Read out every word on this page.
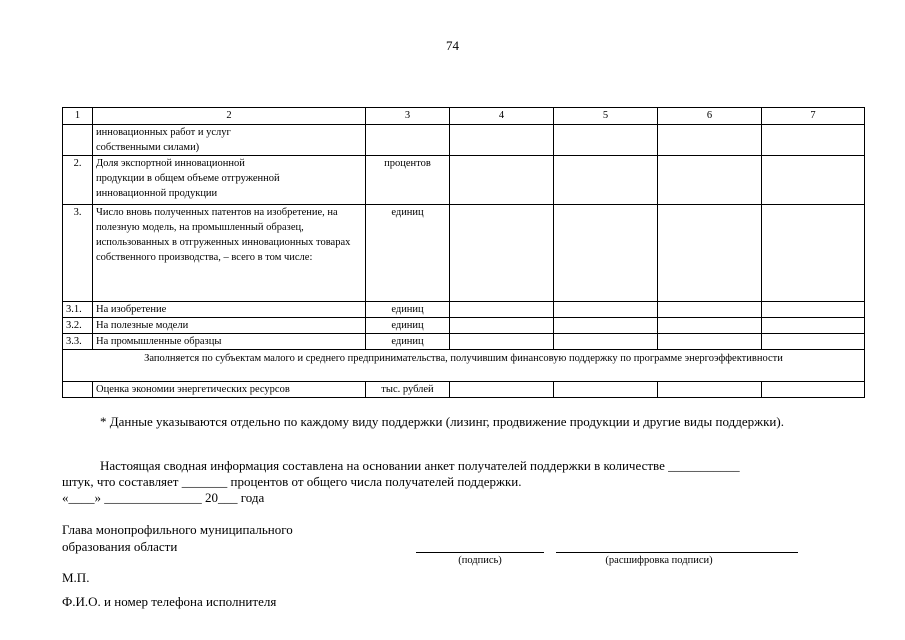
74
1	2	3	4	5	6	7
	инновационных работ и услуг собственными силами)					
2.	Доля экспортной инновационной продукции в общем объеме отгруженной инновационной продукции	процентов				
3.	Число вновь полученных патентов на изобретение, на полезную модель, на промышленный образец, использованных в отгруженных инновационных товарах собственного производства, – всего в том числе:	единиц				
3.1.	На изобретение	единиц				
3.2.	На полезные модели	единиц				
3.3.	На промышленные образцы	единиц				
Заполняется по субъектам малого и среднего предпринимательства, получившим финансовую поддержку по программе энергоэффективности						
	Оценка экономии энергетических ресурсов	тыс. рублей				
* Данные указываются отдельно по каждому виду поддержки (лизинг, продвижение продукции и другие виды поддержки).
Настоящая сводная информация составлена на основании анкет получателей поддержки в количестве ___________
штук, что составляет _______ процентов от общего числа получателей поддержки.
«____» _______________ 20___ года
Глава монопрофильного муниципального
образования области
(подпись)	(расшифровка подписи)
М.П.
Ф.И.О. и номер телефона исполнителя
